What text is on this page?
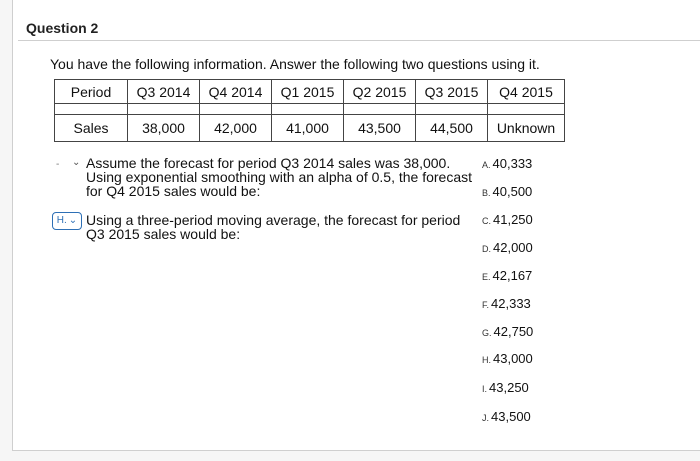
Question 2
You have the following information. Answer the following two questions using it.
Period	Q3 2014	Q4 2014	Q1 2015	Q2 2015	Q3 2015	Q4 2015

Sales	38,000	42,000	41,000	43,500	44,500	Unknown
- ⌄ Assume the forecast for period Q3 2014 sales was 38,000. Using exponential smoothing with an alpha of 0.5, the forecast for Q4 2015 sales would be:
H. ⌄ Using a three-period moving average, the forecast for period Q3 2015 sales would be:
A. 40,333
B. 40,500
C. 41,250
D. 42,000
E. 42,167
F. 42,333
G. 42,750
H. 43,000
I. 43,250
J. 43,500
